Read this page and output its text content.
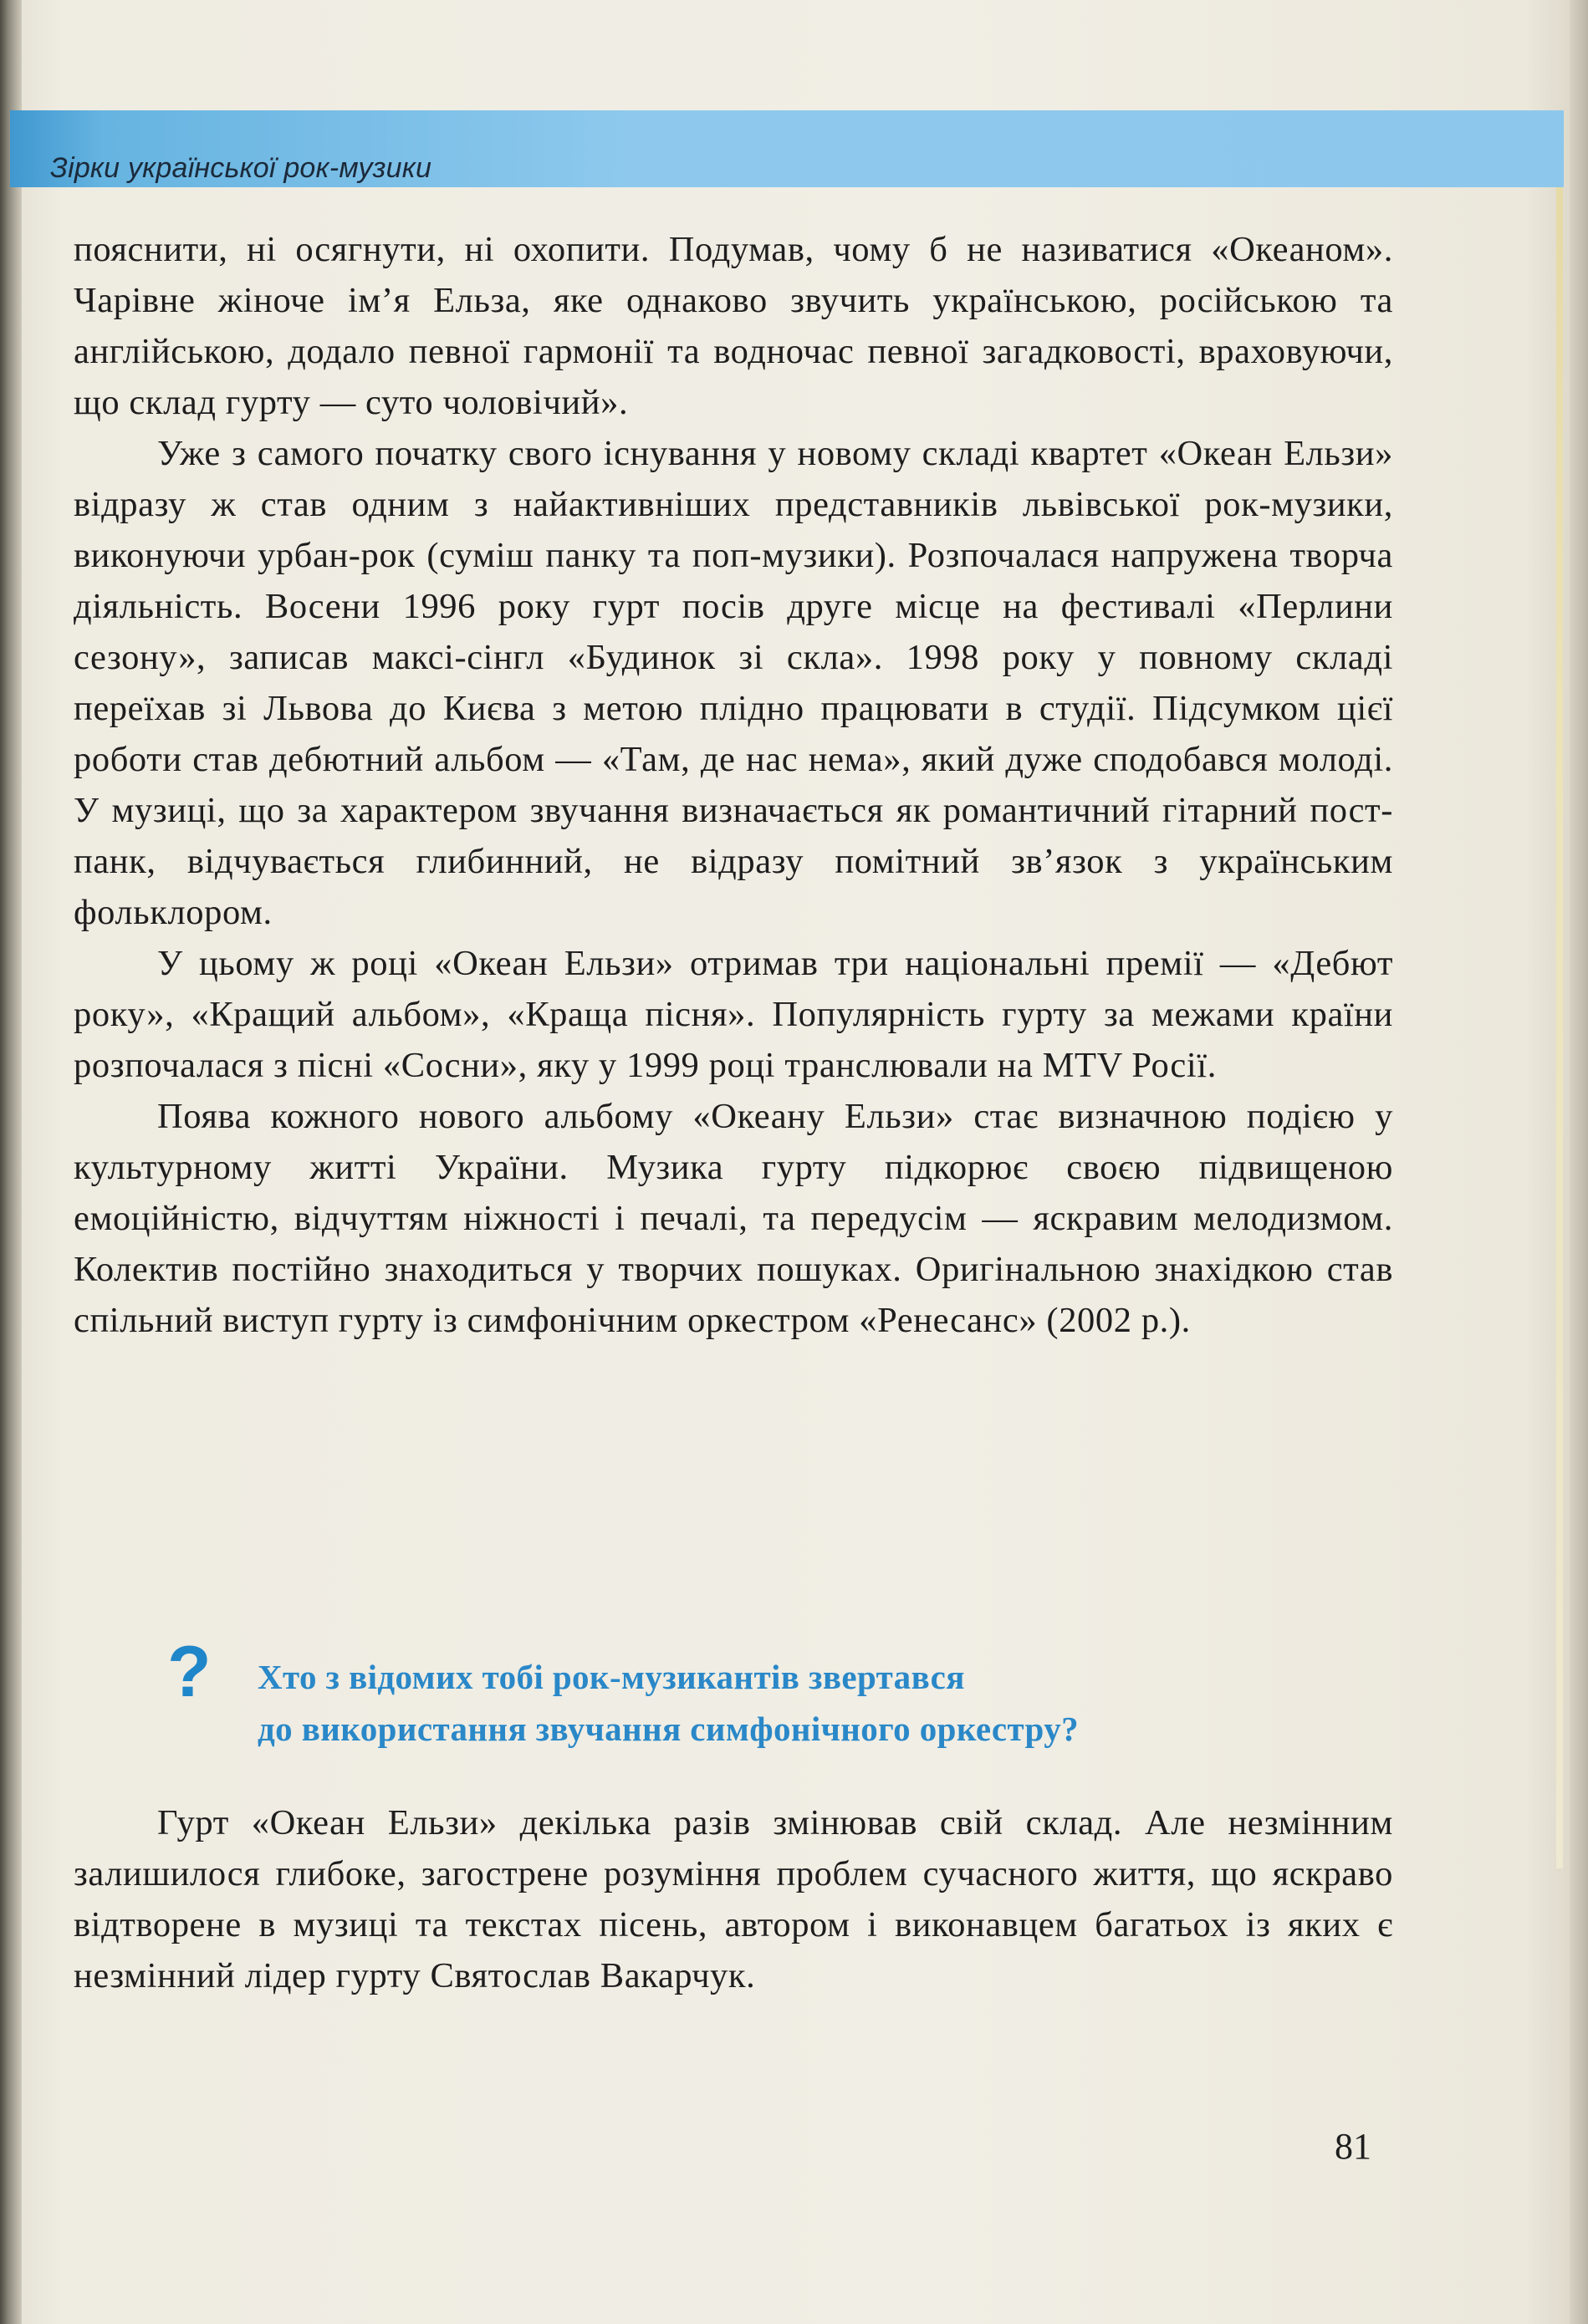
Зірки української рок-музики

пояснити, ні осягнути, ні охопити. Подумав, чому б не називатися «Океаном». Чарівне жіноче ім’я Ельза, яке однаково звучить українською, російською та англійською, додало певної гармонії та водночас певної загадковості, враховуючи, що склад гурту — суто чоловічий».

Уже з самого початку свого існування у новому складі квартет «Океан Ельзи» відразу ж став одним з найактивніших представників львівської рок-музики, виконуючи урбан-рок (суміш панку та поп-музики). Розпочалася напружена творча діяльність. Восени 1996 року гурт посів друге місце на фестивалі «Перлини сезону», записав максі-сінгл «Будинок зі скла». 1998 року у повному складі переїхав зі Львова до Києва з метою плідно працювати в студії. Підсумком цієї роботи став дебютний альбом — «Там, де нас нема», який дуже сподобався молоді. У музиці, що за характером звучання визначається як романтичний гітарний пост-панк, відчувається глибинний, не відразу помітний зв’язок з українським фольклором.

У цьому ж році «Океан Ельзи» отримав три національні премії — «Дебют року», «Кращий альбом», «Краща пісня». Популярність гурту за межами країни розпочалася з пісні «Сосни», яку у 1999 році транслювали на MTV Росії.

Поява кожного нового альбому «Океану Ельзи» стає визначною подією у культурному житті України. Музика гурту підкорює своєю підвищеною емоційністю, відчуттям ніжності і печалі, та передусім — яскравим мелодизмом. Колектив постійно знаходиться у творчих пошуках. Оригінальною знахідкою став спільний виступ гурту із симфонічним оркестром «Ренесанс» (2002 р.).

? Хто з відомих тобі рок-музикантів звертався
до використання звучання симфонічного оркестру?

Гурт «Океан Ельзи» декілька разів змінював свій склад. Але незмінним залишилося глибоке, загострене розуміння проблем сучасного життя, що яскраво відтворене в музиці та текстах пісень, автором і виконавцем багатьох із яких є незмінний лідер гурту Святослав Вакарчук.

81
